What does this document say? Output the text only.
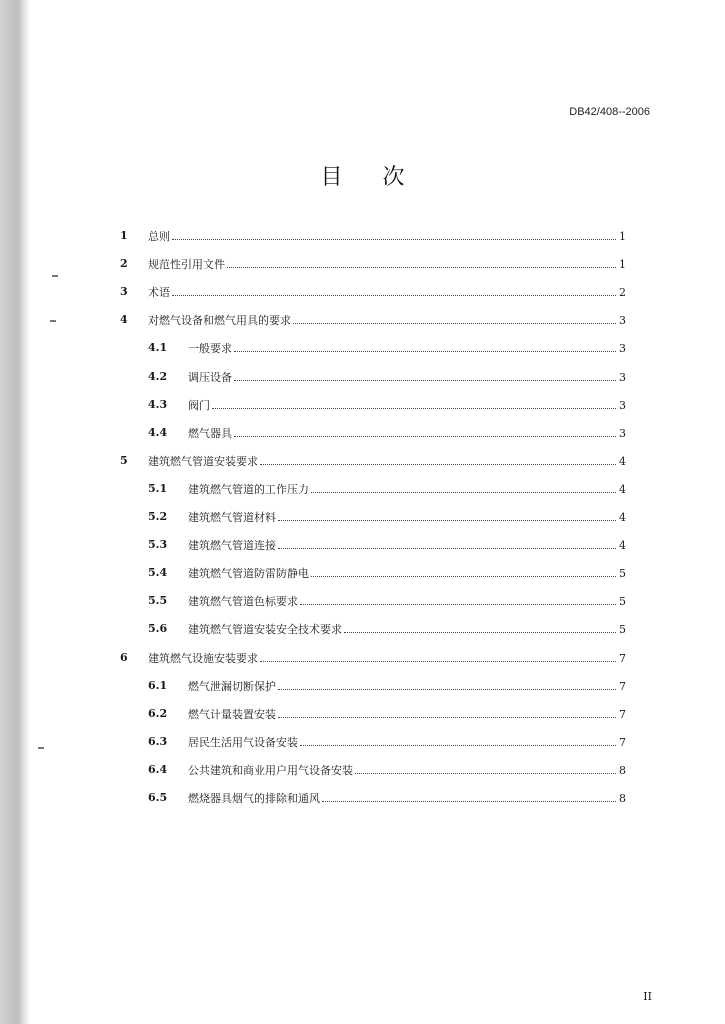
DB42/408--2006
目次
1 总则	1
2 规范性引用文件	1
3 术语	2
4 对燃气设备和燃气用具的要求	3
4.1 一般要求	3
4.2 调压设备	3
4.3 阀门	3
4.4 燃气器具	3
5 建筑燃气管道安装要求	4
5.1 建筑燃气管道的工作压力	4
5.2 建筑燃气管道材料	4
5.3 建筑燃气管道连接	4
5.4 建筑燃气管道防雷防静电	5
5.5 建筑燃气管道色标要求	5
5.6 建筑燃气管道安装安全技术要求	5
6 建筑燃气设施安装要求	7
6.1 燃气泄漏切断保护	7
6.2 燃气计量装置安装	7
6.3 居民生活用气设备安装	7
6.4 公共建筑和商业用户用气设备安装	8
6.5 燃烧器具烟气的排除和通风	8
II
